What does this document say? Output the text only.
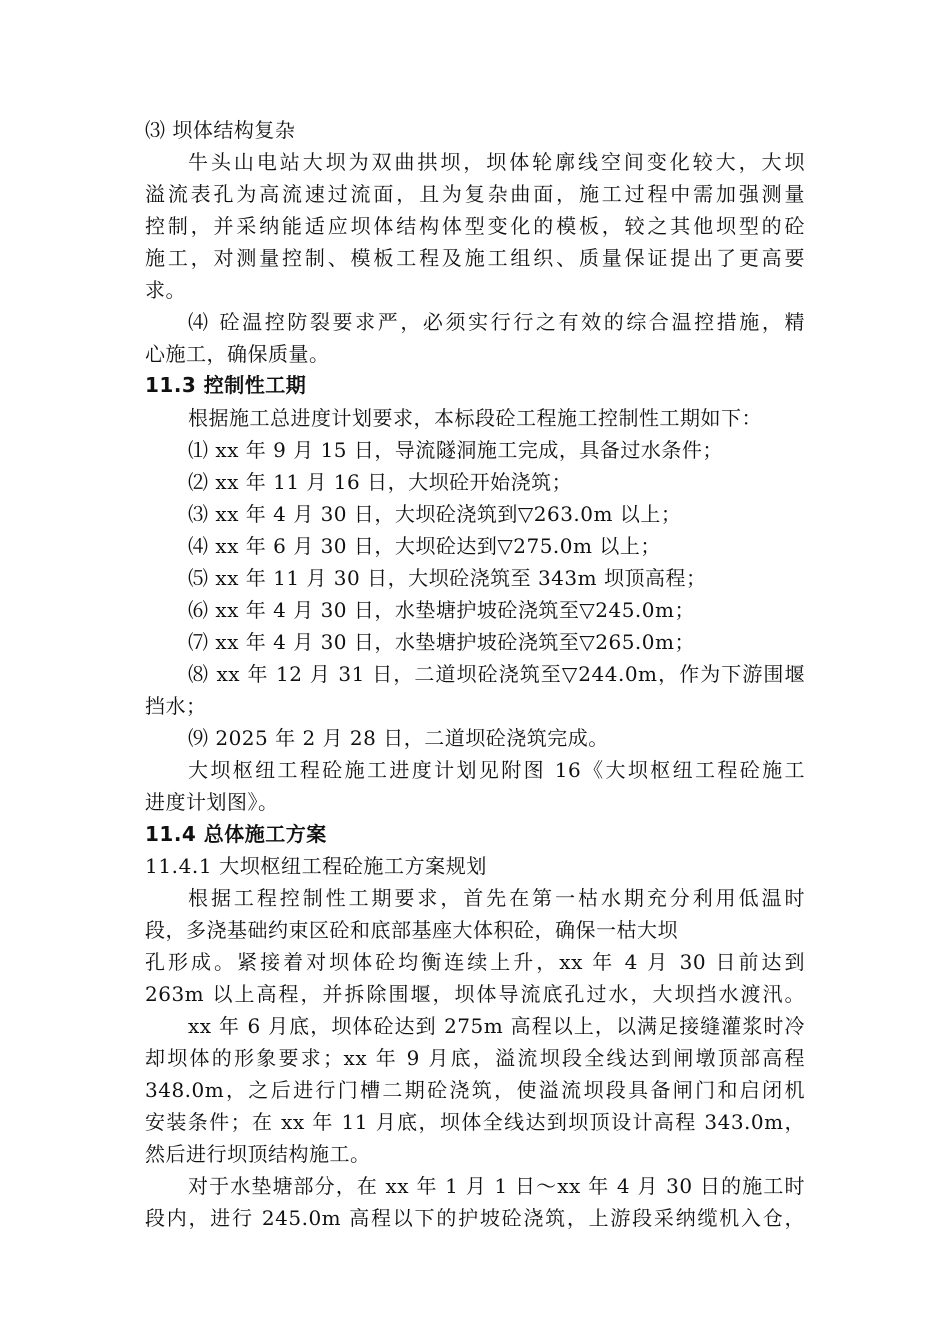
⑶ 坝体结构复杂
牛头山电站大坝为双曲拱坝，坝体轮廓线空间变化较大，大坝
溢流表孔为高流速过流面，且为复杂曲面，施工过程中需加强测量
控制，并采纳能适应坝体结构体型变化的模板，较之其他坝型的砼
施工，对测量控制、模板工程及施工组织、质量保证提出了更高要
求。
⑷ 砼温控防裂要求严，必须实行行之有效的综合温控措施，精
心施工，确保质量。
11.3 控制性工期
根据施工总进度计划要求，本标段砼工程施工控制性工期如下：
⑴ xx 年 9 月 15 日，导流隧洞施工完成，具备过水条件；
⑵ xx 年 11 月 16 日，大坝砼开始浇筑；
⑶ xx 年 4 月 30 日，大坝砼浇筑到▽263.0m 以上；
⑷ xx 年 6 月 30 日，大坝砼达到▽275.0m 以上；
⑸ xx 年 11 月 30 日，大坝砼浇筑至 343m 坝顶高程；
⑹ xx 年 4 月 30 日，水垫塘护坡砼浇筑至▽245.0m；
⑺ xx 年 4 月 30 日，水垫塘护坡砼浇筑至▽265.0m；
⑻ xx 年 12 月 31 日，二道坝砼浇筑至▽244.0m，作为下游围堰
挡水；
⑼ 2025 年 2 月 28 日，二道坝砼浇筑完成。
大坝枢纽工程砼施工进度计划见附图 16《大坝枢纽工程砼施工
进度计划图》。
11.4 总体施工方案
11.4.1 大坝枢纽工程砼施工方案规划
根据工程控制性工期要求，首先在第一枯水期充分利用低温时
段，多浇基础约束区砼和底部基座大体积砼，确保一枯大坝
孔形成。紧接着对坝体砼均衡连续上升，xx 年 4 月 30 日前达到
263m 以上高程，并拆除围堰，坝体导流底孔过水，大坝挡水渡汛。
xx 年 6 月底，坝体砼达到 275m 高程以上，以满足接缝灌浆时冷
却坝体的形象要求；xx 年 9 月底，溢流坝段全线达到闸墩顶部高程
348.0m，之后进行门槽二期砼浇筑，使溢流坝段具备闸门和启闭机
安装条件；在 xx 年 11 月底，坝体全线达到坝顶设计高程 343.0m，
然后进行坝顶结构施工。
对于水垫塘部分，在 xx 年 1 月 1 日～xx 年 4 月 30 日的施工时
段内，进行 245.0m 高程以下的护坡砼浇筑，上游段采纳缆机入仓，
